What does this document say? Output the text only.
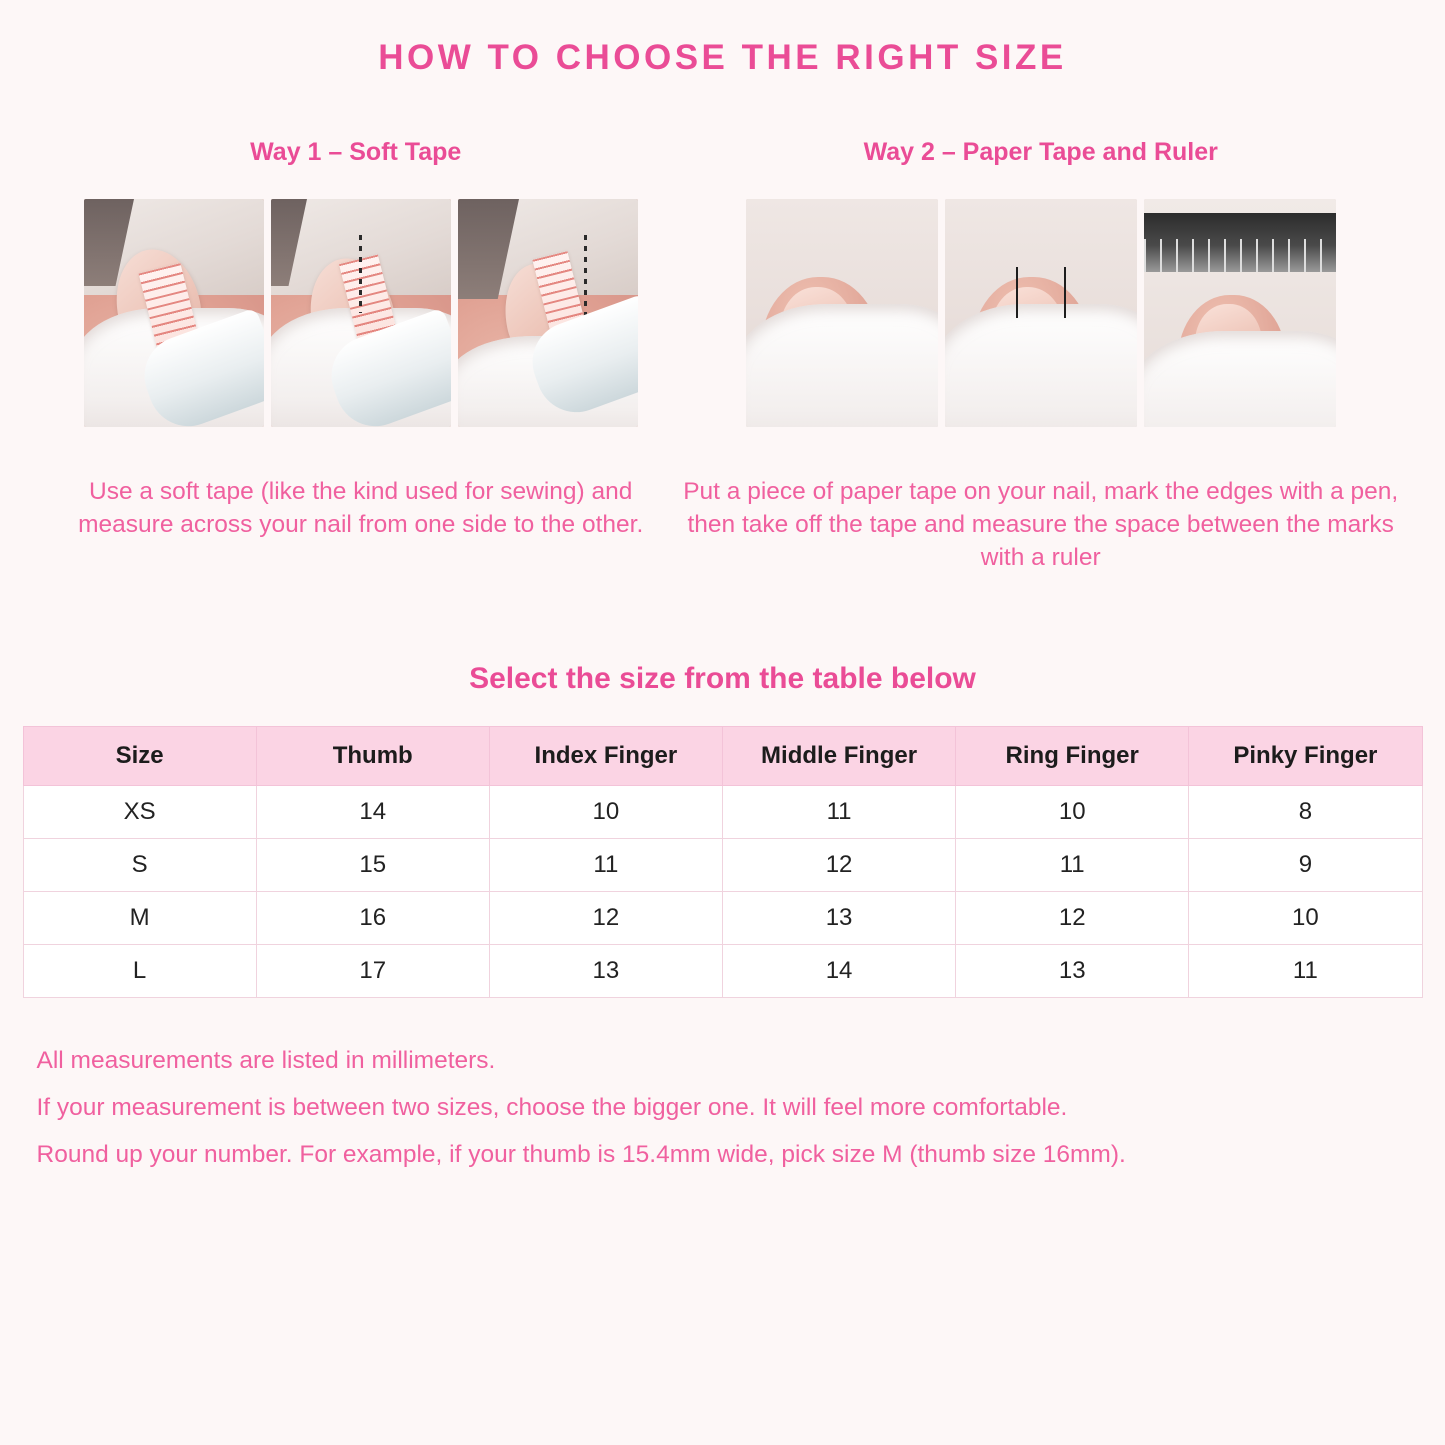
HOW TO CHOOSE THE RIGHT SIZE
Way 1 – Soft Tape
Use a soft tape (like the kind used for sewing) and measure across your nail from one side to the other.
Way 2 – Paper Tape and Ruler
Put a piece of paper tape on your nail, mark the edges with a pen, then take off the tape and measure the space between the marks with a ruler
Select the size from the table below
Size	Thumb	Index Finger	Middle Finger	Ring Finger	Pinky Finger
XS	14	10	11	10	8
S	15	11	12	11	9
M	16	12	13	12	10
L	17	13	14	13	11
All measurements are listed in millimeters.
If your measurement is between two sizes, choose the bigger one. It will feel more comfortable.
Round up your number. For example, if your thumb is 15.4mm wide, pick size M (thumb size 16mm).
